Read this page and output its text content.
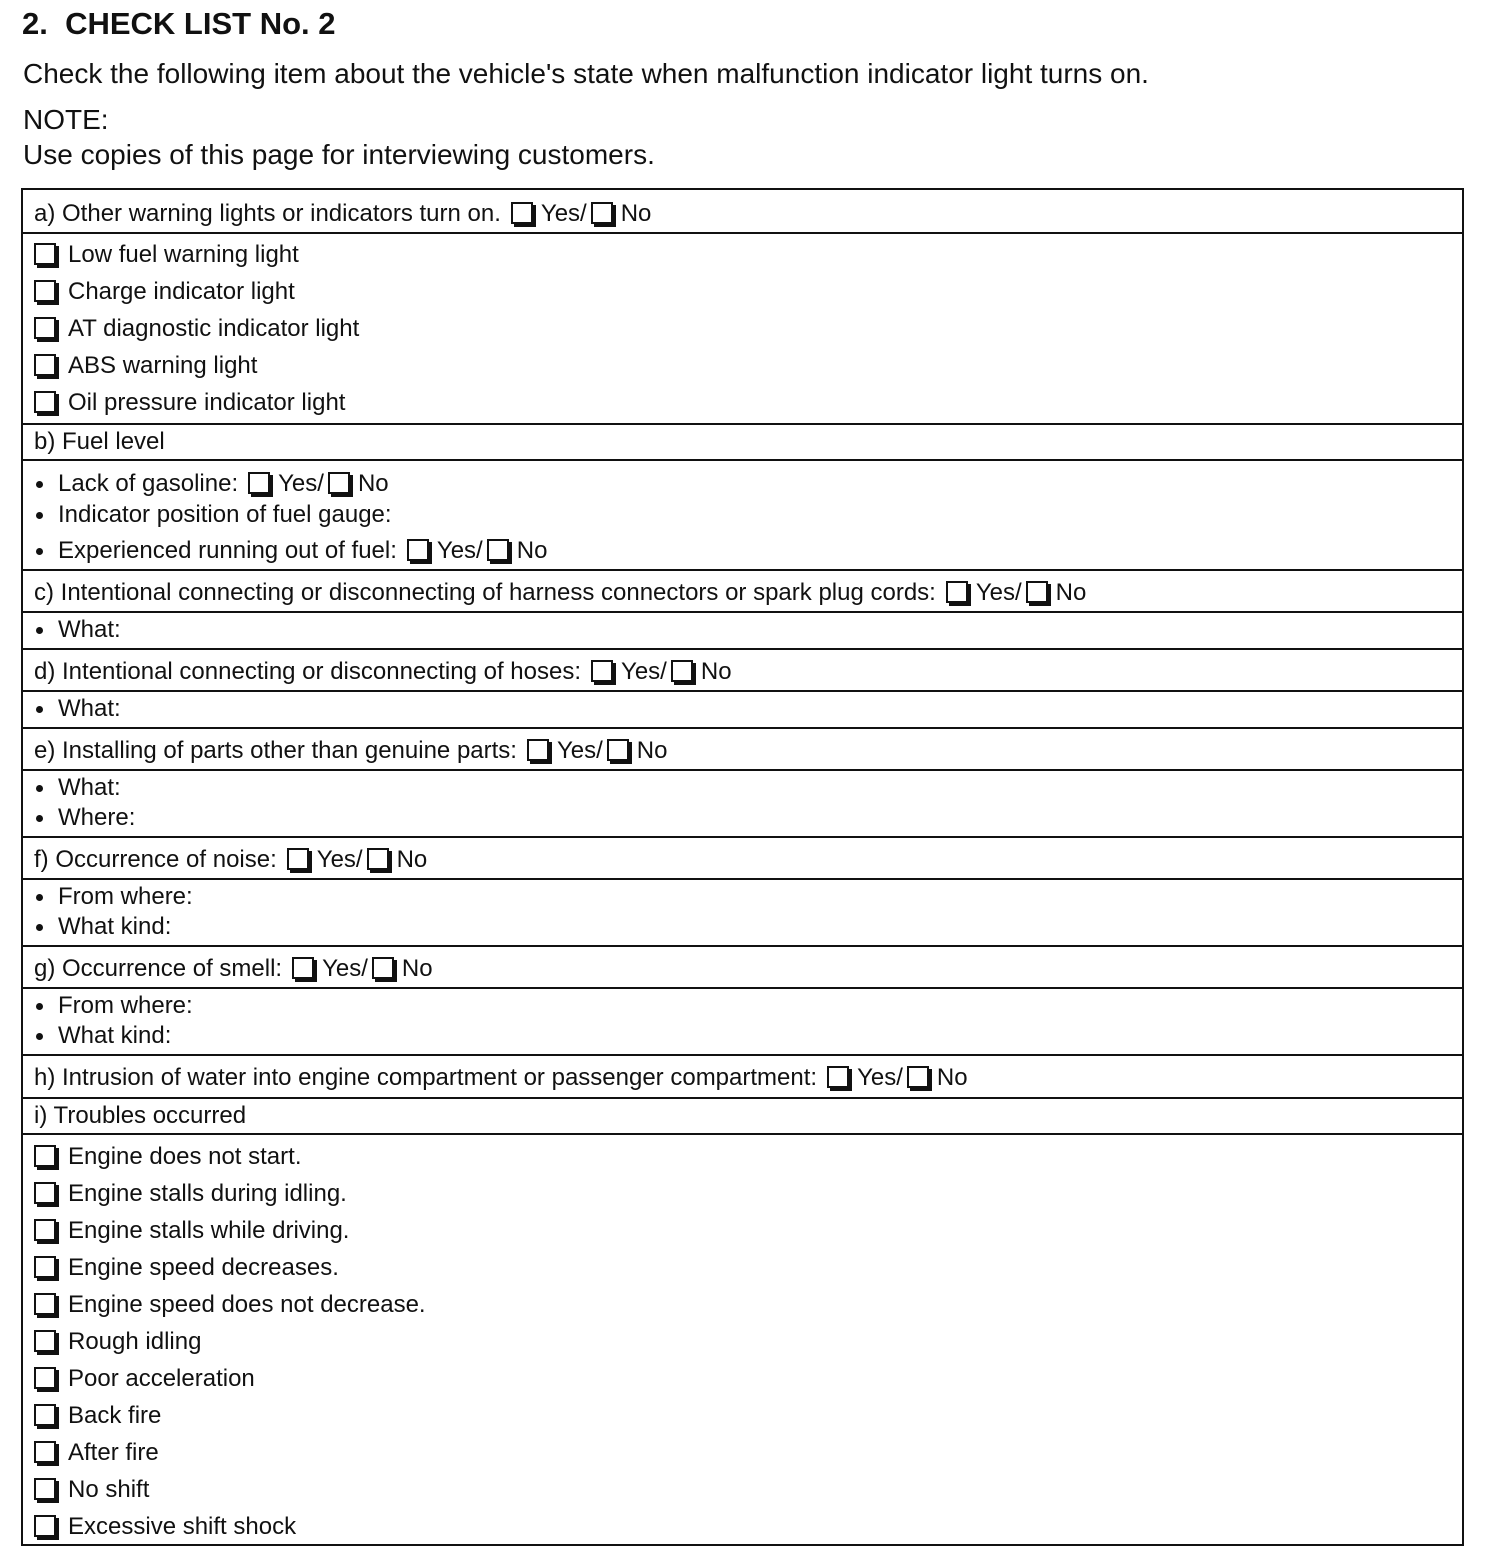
2.  CHECK LIST No. 2
Check the following item about the vehicle's state when malfunction indicator light turns on.
NOTE:
Use copies of this page for interviewing customers.
a) Other warning lights or indicators turn on. Yes/ No
Low fuel warning light
Charge indicator light
AT diagnostic indicator light
ABS warning light
Oil pressure indicator light
b) Fuel level
Lack of gasoline: Yes/ No
Indicator position of fuel gauge:
Experienced running out of fuel: Yes/ No
c) Intentional connecting or disconnecting of harness connectors or spark plug cords: Yes/ No
What:
d) Intentional connecting or disconnecting of hoses: Yes/ No
What:
e) Installing of parts other than genuine parts: Yes/ No
What:
Where:
f) Occurrence of noise: Yes/ No
From where:
What kind:
g) Occurrence of smell: Yes/ No
From where:
What kind:
h) Intrusion of water into engine compartment or passenger compartment: Yes/ No
i) Troubles occurred
Engine does not start.
Engine stalls during idling.
Engine stalls while driving.
Engine speed decreases.
Engine speed does not decrease.
Rough idling
Poor acceleration
Back fire
After fire
No shift
Excessive shift shock
